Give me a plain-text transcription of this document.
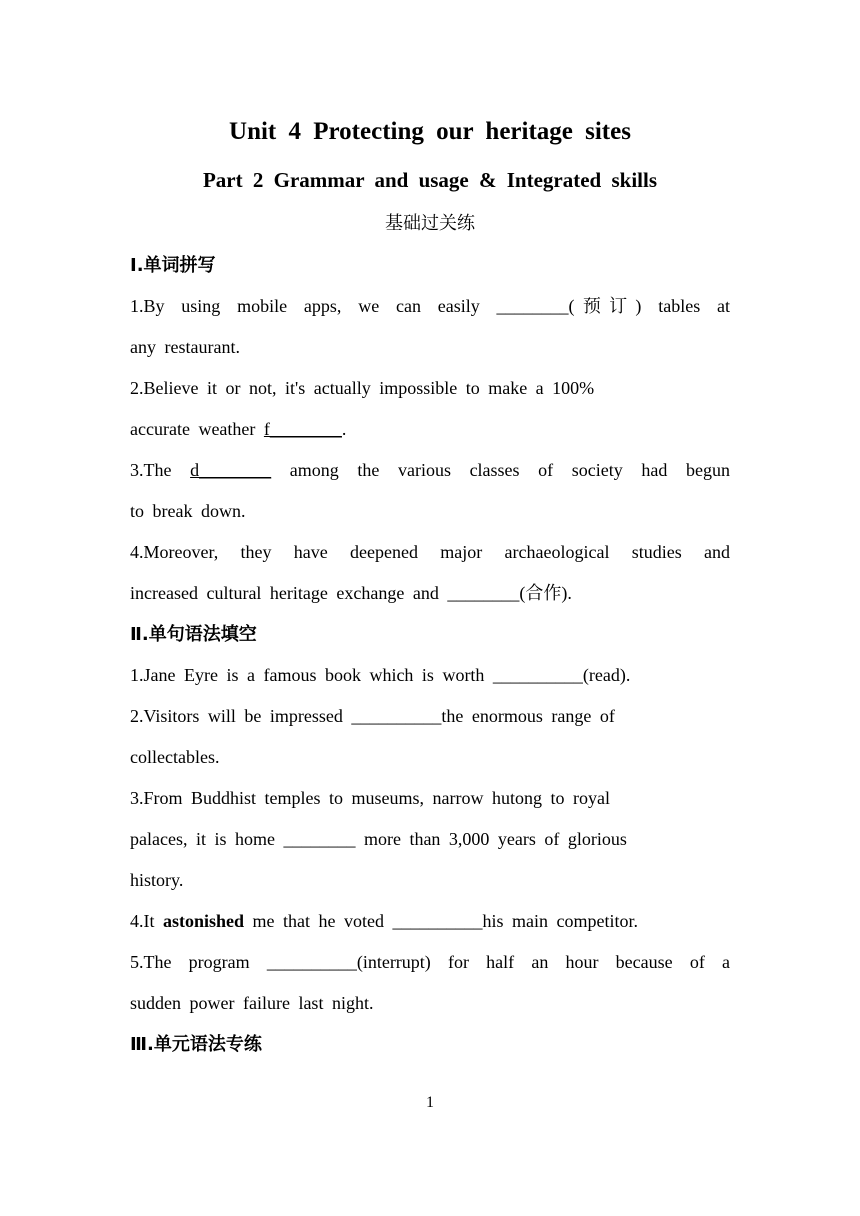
Unit 4 Protecting our heritage sites
Part 2 Grammar and usage & Integrated skills
基础过关练
Ⅰ.单词拼写
1.By using mobile apps, we can easily ________(预订) tables at
any restaurant.
2.Believe it or not, it's actually impossible to make a 100%
accurate weather f________.
3.The d________ among the various classes of society had begun
to break down.
4.Moreover, they have deepened major archaeological studies and
increased cultural heritage exchange and ________(合作).
Ⅱ.单句语法填空
1.Jane Eyre is a famous book which is worth __________(read).
2.Visitors will be impressed __________the enormous range of
collectables.
3.From Buddhist temples to museums, narrow hutong to royal
palaces, it is home ________ more than 3,000 years of glorious
history.
4.It astonished me that he voted __________his main competitor.
5.The program __________(interrupt) for half an hour because of a
sudden power failure last night.
Ⅲ.单元语法专练
1
